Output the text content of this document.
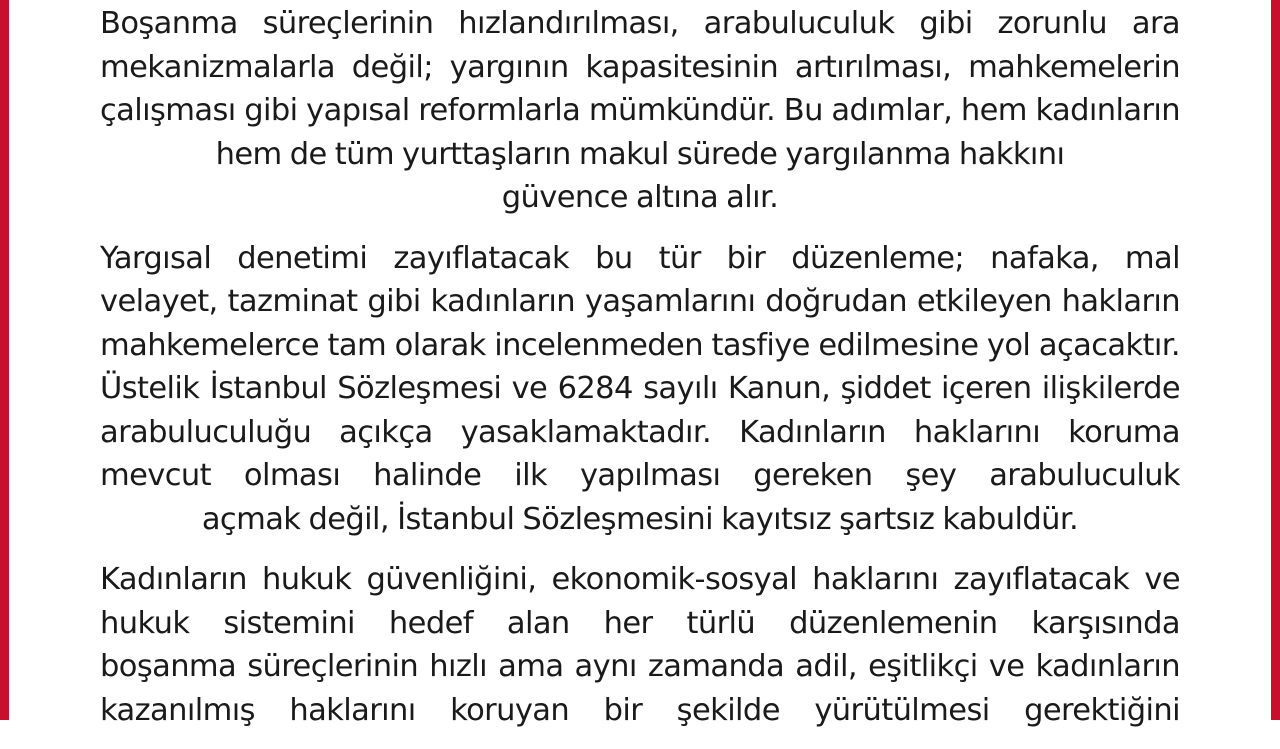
Boşanma süreçlerinin hızlandırılması, arabuluculuk gibi zorunlu ara
mekanizmalarla değil; yargının kapasitesinin artırılması, mahkemelerin
çalışması gibi yapısal reformlarla mümkündür. Bu adımlar, hem kadınların
hem de tüm yurttaşların makul sürede yargılanma hakkını
güvence altına alır.
Yargısal denetimi zayıflatacak bu tür bir düzenleme; nafaka, mal
velayet, tazminat gibi kadınların yaşamlarını doğrudan etkileyen hakların
mahkemelerce tam olarak incelenmeden tasfiye edilmesine yol açacaktır.
Üstelik İstanbul Sözleşmesi ve 6284 sayılı Kanun, şiddet içeren ilişkilerde
arabuluculuğu açıkça yasaklamaktadır. Kadınların haklarını koruma
mevcut olması halinde ilk yapılması gereken şey arabuluculuk
açmak değil, İstanbul Sözleşmesini kayıtsız şartsız kabuldür.
Kadınların hukuk güvenliğini, ekonomik-sosyal haklarını zayıflatacak ve
hukuk sistemini hedef alan her türlü düzenlemenin karşısında
boşanma süreçlerinin hızlı ama aynı zamanda adil, eşitlikçi ve kadınların
kazanılmış haklarını koruyan bir şekilde yürütülmesi gerektiğini
